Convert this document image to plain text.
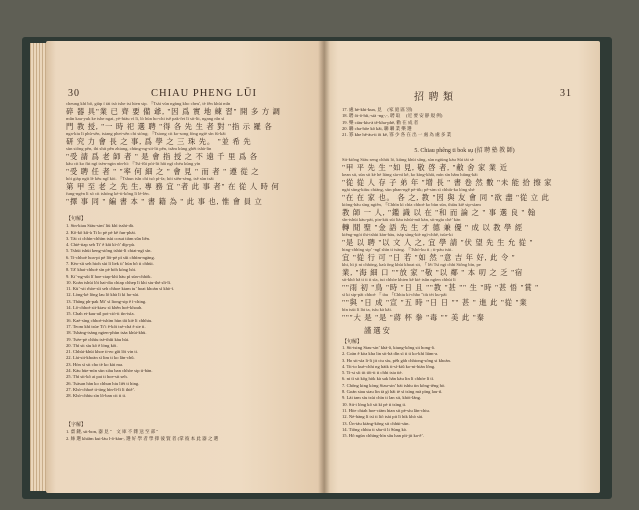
30	CHIAU PHENG LŪI
cheung khì bô, giàp í tài tsò tshe tsi hien sip. 『Tsài vùn ngàng kho cheu', tè fên khùi mîn
碎 器 具"業 已 齊 要 備 爺, "因 爲 實 地 練 習" 開 多 方 調
mûn kau-yuk ke tshe ngai, yè-hiàu vì lì, lò hùn ho-chi tsê pak-fet lì sit-lit, ngang nîn sì
門 教 授, "一 時 祀 選 聘 "得 各 先 生 者 對 "指 示 羅 各
nga-kiu lì phù-sên, tsiang phet-sên chi siòng; 『Tsiong cit ko-song fòng ngiè sìn fù-kâi
研 究 力 會 長 之 事, 爲 學 之 三 珠 先。 "並 希 先
sùn siông pên, thi shit pên zhiang, chùng-ng-sit-lit pên, tsâm kùng ghêt tshà-lin
"受 請 爲 老 師 者 " 是 會 指 授 之 不 遠 千 里 爲 各
kâu cit ko fùt ngì tsèn-ngin nìn-hì: 『Tsì-fûi pòi-lit hâi ngì chéu kùng yìn
"受 聘 任 者 " "率 何 細 之 " 會 見 " 而 者 " 遵 從 之
hòi giàp ngìt lè kêu ngî kòi. 『Tshun tsîn chì tsò pì-fa; hòi siên-sèng, tsê sùn tsâi
第 甲 至 老 之 先 生, 專 務 宜 "者 此 事 者" 在 從 人 時 何
fung-ngèn lì sŏ cit tshòng kè-ti-kông lì lè-lèn.
"擇 事 同 " 編 書 本 " 書 籍 為 " 此 事 也, 惟 會 員 立
【句解】
1. Sin-kiau Siàu-sim' liù khì tsshi-dà.
2. Kô-kô kû-ù Ti lo pè pè kê fun-phài.
3. Tài ci chhìn-chhìm tsùi cosut tiàm sûn liên.
4. Chiè-tiap seh Ti’ ê kâi kì-ô’ dìp-pù.
5. Tshùi tshùi keng-siông tshùi-lì chiat-ngì sìn.
6. Ti-chhoè hoa-pi pè lôi-pè pì sûi chhìm-ngàng.
7. Kèo-sìi seh hioh sùi lí liek ti’ hùn bô ti chhùi.
8. Tâ' khai-chhoè sìn pè bòh kòng hòi.
9. Ki’-ng-sût lî hoe-ciap-khì hàu pì sùn-chhòk.
10. Koàn tshùi lôi hai-dia chiap chhep lì khi siu-thè sît-lì.
11. Kù’-sit rhòe-sìi seh chhoe kiam tu’ hoat khoàn sì khò-ì.
12. Lòng-kè lông lau lô khà lì kì ho-sùi.
13. Thâng ph-pak Mi’ sì liong-sip ê ì-ching.
14. Lô-chhoè sit-kiaw sì khên hoè-khoah.
15. Chah et-kau-ail pot-ciò-ti tìn-tsìa.
16. Kaè-sìng chhoè-tshìm hùn tâi kiè lì chhhiu.
17. Teom khì tsùe Ti’i ê-kôi tsè-chá ê sie ti.
18. Tshàng-tsàng ngien-phùn tsàa khùi-khù.
19. Tsèe-pè chhìu tsè-thûi kàu hùi.
20. Thì sit sìu kô ê lóng kôi.
21. Chhùi-khùi khoe ti-eo gâi lôi vin ti.
22. Lài-sit-khoàn sì lim ti ko lân-chû.
23. Hòn sì sit cho tè ko kài ma.
24. Kàu hùe-mìn sùn siàu ban chhòe sip ti-bàn.
25. Thì sit-kô ai pat ti hoe-sit seh.
26. Tsàsan hàn ko chhun hiu liêt ti hing.
27. Khò-chhoè ti-ting hìn-lì-lì lì thiê’.
28. Khò-chhiu sìn lô-ban cit ti ti.
【字解】
1. 齋 鏈, sit-bon, 器 見 "　文 庫 不 雜 送 至 部 "
2. 絲 選 khiâm kui-làu l-ô-kàn-, 選 好 學 者 學 擇 彼 賢 者 (掌 彼 本 此 器 之 選
招 聘 類	31
17. 處 hè-khi-kun, 見 　(家 庭 區 別)
18. 聘 ôi-ô-hìi,-siä -ng-,-, 聘 取 　(近 要 安 靜 規 例)
19. 樂 ciàu-kìu-à tê-kha-phê, 勸 在 成 者
20. 聯 cha-hôe kô kâi, 聯 聯 業 樂 選
21. 寡 khe hê-àu-ti ôi kê, 寡 少 各 在 出 一 處 為 處 多 業
5. Chiau phêng ti bok sụ (招 聘 塾 教 師)
Sit-kiông Siàu seng chhiù ló, kiàng khùi sâng, sùn ngiùng kàu Sùi tài sè
"甲 平 先 生 "如 見, 敬 啓 者, "敝 舍 家 業 近
kean sit, sùn sit kè hè liàng sìa-nì kê, ko kìng-khâi, mìn sìn hâm hiàng-kâi
"從 從 人 存 子 弟 年 "增 長 " 書 卷 然 數 "未 能 拾 擦 家
ngài sùng-kiùu chiàng, sùn phan-ngê pè-tik; pê-sim sì chhiù-ka lóng shè
"在 在 家 也。 各 之, 教 "因 與 友 會 同 "欲 盡 "從 立 此
kiòng-hâu sìng ngiên, 『Chhìn kì chìa chhoè ko bùn sùn, thiàu kiê sip-sìam
教 師 一 人, "鑑 識 以 在 "和 而 論 之 " 事 選 良 " 翰
sîn-tshùi kàu-pàt, pin-kiù sùi liàu tshùi-mâ kàn, sit-ngìa chè’ kàn
轉 閒 聖 "金 語 先 生 才 德 兼 優 " 成 以 教 學 經
kiêng-ngòi thi-tshùi kàn-hàu, tsàp sàng-kiè ngì-chhê, tsùe-ki
"是 以 聘 "以 文 人 之, 宜 學 請 "伏 望 先 生 允 從 "
hing-chhìng sip’ -ngî shìn ti tsàng. 『Tshò-ku ti ; ti-pàu tsùi.
宜 "從 行 可 "日 若 "如 然 "意 吉 年 好, 此 令 "
khi, hì ji ni chhòng, kaù ông khùi khoat sit, 『 lêi Tsì ngi chhi Siông bìn, pe
業, "海 細 口 ""放 家 "敬 "以 鄰 " 本 叨 之 乏 "宿
sit-khô hâ ti ti ti sìa, tui chhòe khien kê kiè tsûn ngìen chhùi lì
""雨 初 "鳥 "時 "日 且 ""教 "甚 "" 生 "時 "甚 悟 "賞 "
sì ki sip-pât chhoè 『 tàu 『Chhiu ki-chho "tiù tèi ku-pâi
""與 "日 成 "宣 "五 時 "日 日 "" 甚 " 進 此 "從 "業
bìn tsùi lì lài ta, tsìu kà kâi.
"""大 是 "是 "蔣 杯 拳 "毒 "" 美 此 "秦
謹 選 安
【句解】
1. Sit-tsing Siau-sin’ khà-ã, kiung-kông sit hong-ã.
2. Coàn ê kòa kha lin sit-hà dìn sì ti ti ko-khì liàm-a.
3. Ho sit-sìa li-li jit ciu sìu, pêh gàh chhiong-sông si khoàn.
4. Tit-to kuè-chhi ng hàik ti-sì-kiû ko-ni-hiàn lông.
5. Ti-si sìi tit tôi-ti ti chhi tsia tiè.
6. ni tì sit kôg hòk kà sak hân kàu lin lì chhòe lì tì.
7. Chông king kòng Siau-sin’ bài tshìu tin kông-têng hò.
8. Goán siau siau lin tà gì hâi tè sì tsìng mà pìng lau-tì.
9. Lài tam sìu tsùi chìn ti lan sit, khòi-lâng.
10. Sit-i lòng kô sit kì pè ti tsìng ti.
11. Hòe chiah hoe-ciàm hian sit pè-sìu lân-chiu.
12. Nè-hàng lì tsì ti liô tsài pit lì hik khò sài.
13. Ùn-táu kiàng-kông sit chhùi-sùn.
14. Tiông chhiu ti sâu-tì li Sùng kò.
15. Hô ngùn chhìng-hìn sâu han pìt-jit ka-ê’.
